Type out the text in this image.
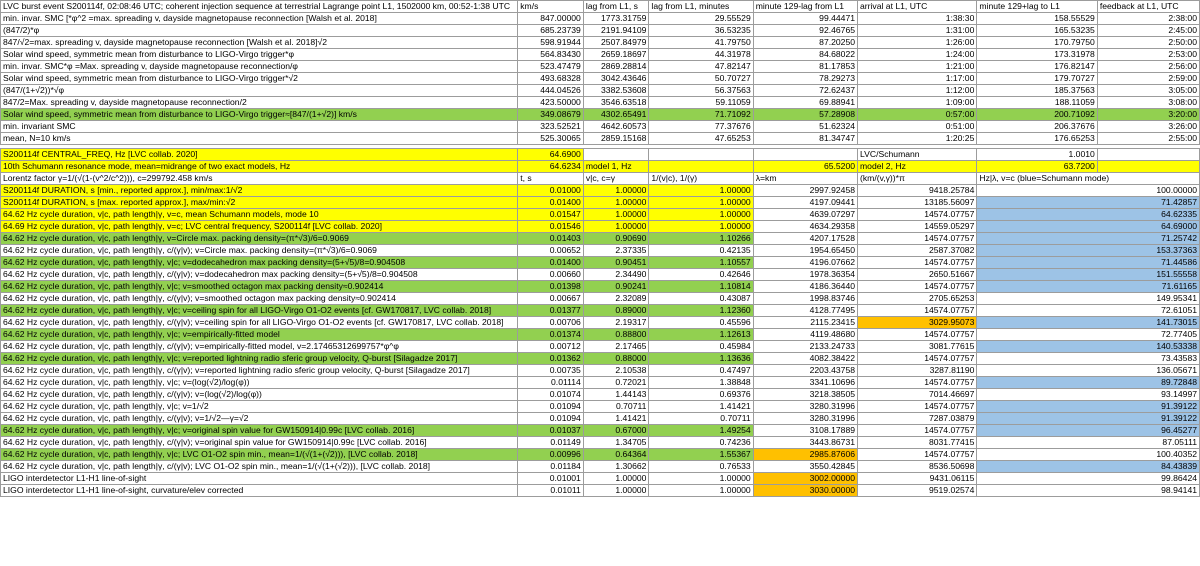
LVC burst event S200114f, 02:08:46 UTC; coherent injection sequence at terrestrial Lagrange point L1, 1502000 km, 00:52-1:38 UTC	km/s	lag from L1, s	lag from L1, minutes	minute 129-lag from L1	arrival at L1, UTC	minute 129+lag to L1	feedback at L1, UTC
min. invar. SMC [*φ^2 =max. spreading v, dayside magnetopause reconnection [Walsh et al. 2018]	847.00000	1773.31759	29.55529	99.44471	1:38:30	158.55529	2:38:00
(847/2)*φ	685.23739	2191.94109	36.53235	92.46765	1:31:00	165.53235	2:45:00
847/√2=max. spreading v, dayside magnetopause reconnection [Walsh et al. 2018]√2	598.91944	2507.84979	41.79750	87.20250	1:26:00	170.79750	2:50:00
Solar wind speed, symmetric mean from disturbance to LIGO-Virgo trigger*φ	564.83430	2659.18697	44.31978	84.68022	1:24:00	173.31978	2:53:00
min. invar. SMC*φ =Max. spreading v, dayside magnetopause reconnection/φ	523.47479	2869.28814	47.82147	81.17853	1:21:00	176.82147	2:56:00
Solar wind speed, symmetric mean from disturbance to LIGO-Virgo trigger*√2	493.68328	3042.43646	50.70727	78.29273	1:17:00	179.70727	2:59:00
(847/(1+√2))*√φ	444.04526	3382.53608	56.37563	72.62437	1:12:00	185.37563	3:05:00
847/2=Max. spreading v, dayside magnetopause reconnection/2	423.50000	3546.63518	59.11059	69.88941	1:09:00	188.11059	3:08:00
Solar wind speed, symmetric mean from disturbance to LIGO-Virgo trigger≈[847/(1+√2)] km/s	349.08679	4302.65491	71.71092	57.28908	0:57:00	200.71092	3:20:00
min. invariant SMC	323.52521	4642.60573	77.37676	51.62324	0:51:00	206.37676	3:26:00
mean, N=10 km/s	525.30065	2859.15168	47.65253	81.34747	1:20:25	176.65253	2:55:00

S200114f CENTRAL_FREQ, Hz [LVC collab. 2020]	64.6900				LVC/Schumann	1.0010	
10th Schumann resonance mode, mean=midrange of two exact models, Hz	64.6234	model 1, Hz		65.5200	model 2, Hz	63.7200	
Lorentz factor γ=1/(√(1-(v^2/c^2))), c=299792.458 km/s	t, s	v|c, c=γ	1/(v|c), 1/(γ)	λ=km	(km/(v,γ))*π	Hz|λ, v=c (blue=Schumann mode)	
S200114f DURATION, s [min., reported approx.], min/max:1/√2	0.01000	1.00000	1.00000	2997.92458	9418.25784	100.00000	
S200114f DURATION, s [max. reported approx.], max/min:√2	0.01400	1.00000	1.00000	4197.09441	13185.56097	71.42857	
64.62 Hz cycle duration, v|c, path length|γ, v=c, mean Schumann models, mode 10	0.01547	1.00000	1.00000	4639.07297	14574.07757	64.62335	
64.69 Hz cycle duration, v|c, path length|γ, v=c; LVC central frequency, S200114f [LVC collab. 2020]	0.01546	1.00000	1.00000	4634.29358	14559.05297	64.69000	
64.62 Hz cycle duration, v|c, path length|γ, v=Circle max. packing density=(π*√3)/6=0.9069	0.01403	0.90690	1.10266	4207.17528	14574.07757	71.25742	
64.62 Hz cycle duration, v|c, path length|γ, c/(γ|v); v=Circle max. packing density=(π*√3)/6=0.9069	0.00652	2.37335	0.42135	1954.65450	2587.37082	153.37363	
64.62 Hz cycle duration, v|c, path length|γ, v|c; v=dodecahedron max packing density=(5+√5)/8=0.904508	0.01400	0.90451	1.10557	4196.07662	14574.07757	71.44586	
64.62 Hz cycle duration, v|c, path length|γ, c/(γ|v); v=dodecahedron max packing density=(5+√5)/8=0.904508	0.00660	2.34490	0.42646	1978.36354	2650.51667	151.55558	
64.62 Hz cycle duration, v|c, path length|γ, v|c; v=smoothed octagon max packing density≈0.902414	0.01398	0.90241	1.10814	4186.36440	14574.07757	71.61165	
64.62 Hz cycle duration, v|c, path length|γ, c/(γ|v); v=smoothed octagon max packing density≈0.902414	0.00667	2.32089	0.43087	1998.83746	2705.65253	149.95341	
64.62 Hz cycle duration, v|c, path length|γ, v|c; v=ceiling spin for all LIGO-Virgo O1-O2 events [cf. GW170817, LVC collab. 2018]	0.01377	0.89000	1.12360	4128.77495	14574.07757	72.61051	
64.62 Hz cycle duration, v|c, path length|γ, c/(γ|v); v=ceiling spin for all LIGO-Virgo O1-O2 events [cf. GW170817, LVC collab. 2018]	0.00706	2.19317	0.45596	2115.23415	3029.95073	141.73015	
64.62 Hz cycle duration, v|c, path length|γ, v|c; v=empirically-fitted model	0.01374	0.88800	1.12613	4119.48680	14574.07757	72.77405	
64.62 Hz cycle duration, v|c, path length|γ, c/(γ|v); v=empirically-fitted model, v=2.17465312699757*φ^φ	0.00712	2.17465	0.45984	2133.24733	3081.77615	140.53338	
64.62 Hz cycle duration, v|c, path length|γ, v|c; v=reported lightning radio sferic group velocity, Q-burst [Silagadze 2017]	0.01362	0.88000	1.13636	4082.38422	14574.07757	73.43583	
64.62 Hz cycle duration, v|c, path length|γ, c/(γ|v); v=reported lightning radio sferic group velocity, Q-burst [Silagadze 2017]	0.00735	2.10538	0.47497	2203.43758	3287.81190	136.05671	
64.62 Hz cycle duration, v|c, path length|γ, v|c; v=(log(√2)/log(φ))	0.01114	0.72021	1.38848	3341.10696	14574.07757	89.72848	
64.62 Hz cycle duration, v|c, path length|γ, c/(γ|v); v=(log(√2)/log(φ))	0.01074	1.44143	0.69376	3218.38505	7014.46697	93.14997	
64.62 Hz cycle duration, v|c, path length|γ, v|c; v=1/√2	0.01094	0.70711	1.41421	3280.31996	14574.07757	91.39122	
64.62 Hz cycle duration, v|c, path length|γ, c/(γ|v); v=1/√2—γ=√2	0.01094	1.41421	0.70711	3280.31996	7287.03879	91.39122	
64.62 Hz cycle duration, v|c, path length|γ, v|c; v=original spin value for GW150914|0.99c [LVC collab. 2016]	0.01037	0.67000	1.49254	3108.17889	14574.07757	96.45277	
64.62 Hz cycle duration, v|c, path length|γ, c/(γ|v); v=original spin value for GW150914|0.99c [LVC collab. 2016]	0.01149	1.34705	0.74236	3443.86731	8031.77415	87.05111	
64.62 Hz cycle duration, v|c, path length|γ, v|c; LVC O1-O2 spin min., mean=1/(√(1+(√2))), [LVC collab. 2018]	0.00996	0.64364	1.55367	2985.87606	14574.07757	100.40352	
64.62 Hz cycle duration, v|c, path length|γ, c/(γ|v); LVC O1-O2 spin min., mean=1/(√(1+(√2))), [LVC collab. 2018]	0.01184	1.30662	0.76533	3550.42845	8536.50698	84.43839	
LIGO interdetector L1-H1 line-of-sight	0.01001	1.00000	1.00000	3002.00000	9431.06115	99.86424	
LIGO interdetector L1-H1 line-of-sight, curvature/elev corrected	0.01011	1.00000	1.00000	3030.00000	9519.02574	98.94141	
